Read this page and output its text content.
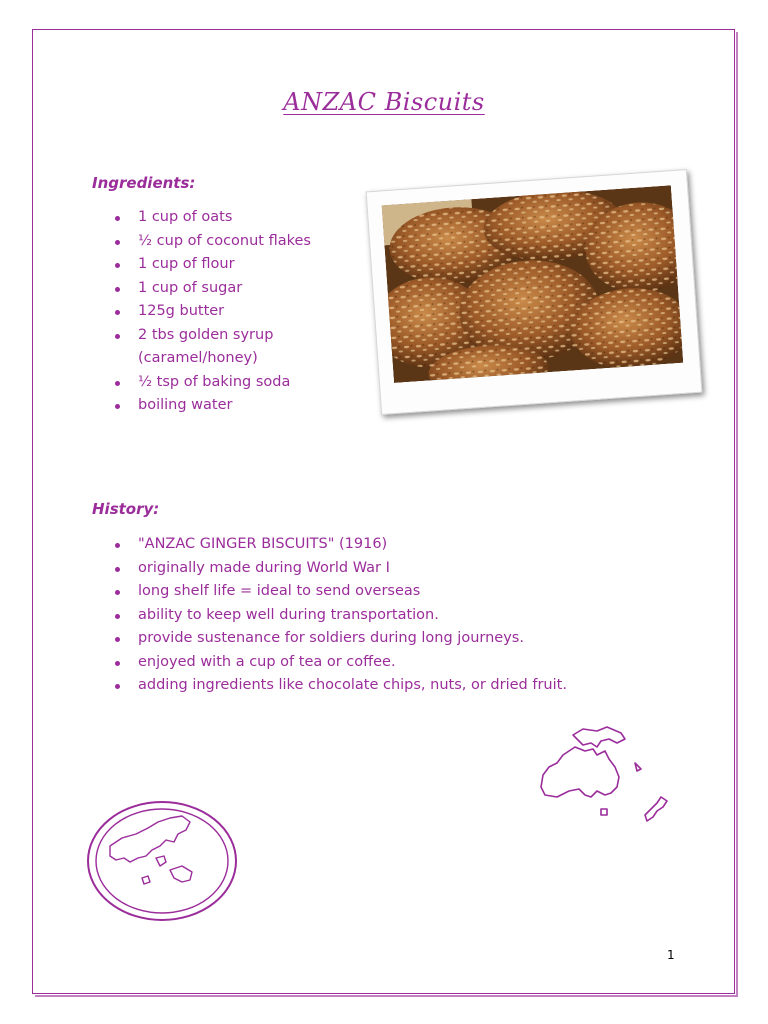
ANZAC Biscuits
Ingredients:
1 cup of oats
½ cup of coconut flakes
1 cup of flour
1 cup of sugar
125g butter
2 tbs golden syrup
(caramel/honey)
½ tsp of baking soda
boiling water
History:
"ANZAC GINGER BISCUITS" (1916)
originally made during World War I
long shelf life = ideal to send overseas
ability to keep well during transportation.
provide sustenance for soldiers during long journeys.
enjoyed with a cup of tea or coffee.
adding ingredients like chocolate chips, nuts, or dried fruit.
1
